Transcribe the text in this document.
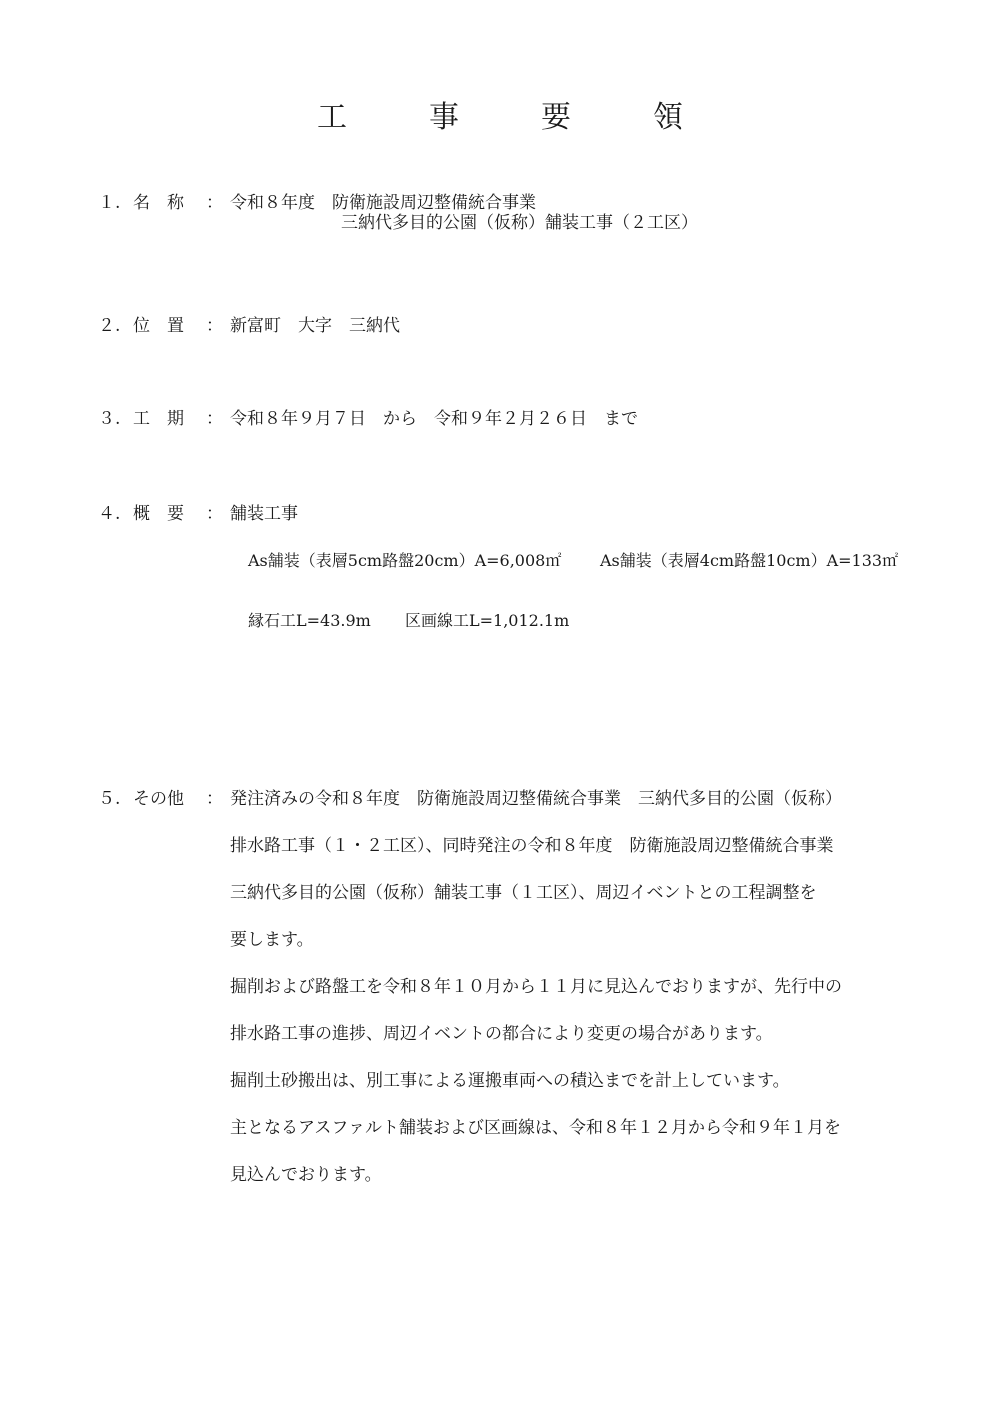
工　事　要　領
１. 名　称 ： 令和８年度　防衛施設周辺整備統合事業
三納代多目的公園（仮称）舗装工事（２工区）
２. 位　置 ： 新富町　大字　三納代
３. 工　期 ： 令和８年９月７日　から　令和９年２月２６日　まで
４. 概　要 ： 舗装工事
As舗装（表層5cm路盤20cm）A=6,008㎡ As舗装（表層4cm路盤10cm）A=133㎡
縁石工L=43.9m 区画線工L=1,012.1m
５. その他 ： 発注済みの令和８年度　防衛施設周辺整備統合事業　三納代多目的公園（仮称）
排水路工事（１・２工区）、同時発注の令和８年度　防衛施設周辺整備統合事業
三納代多目的公園（仮称）舗装工事（１工区）、周辺イベントとの工程調整を
要します。
掘削および路盤工を令和８年１０月から１１月に見込んでおりますが、先行中の
排水路工事の進捗、周辺イベントの都合により変更の場合があります。
掘削土砂搬出は、別工事による運搬車両への積込までを計上しています。
主となるアスファルト舗装および区画線は、令和８年１２月から令和９年１月を
見込んでおります。
